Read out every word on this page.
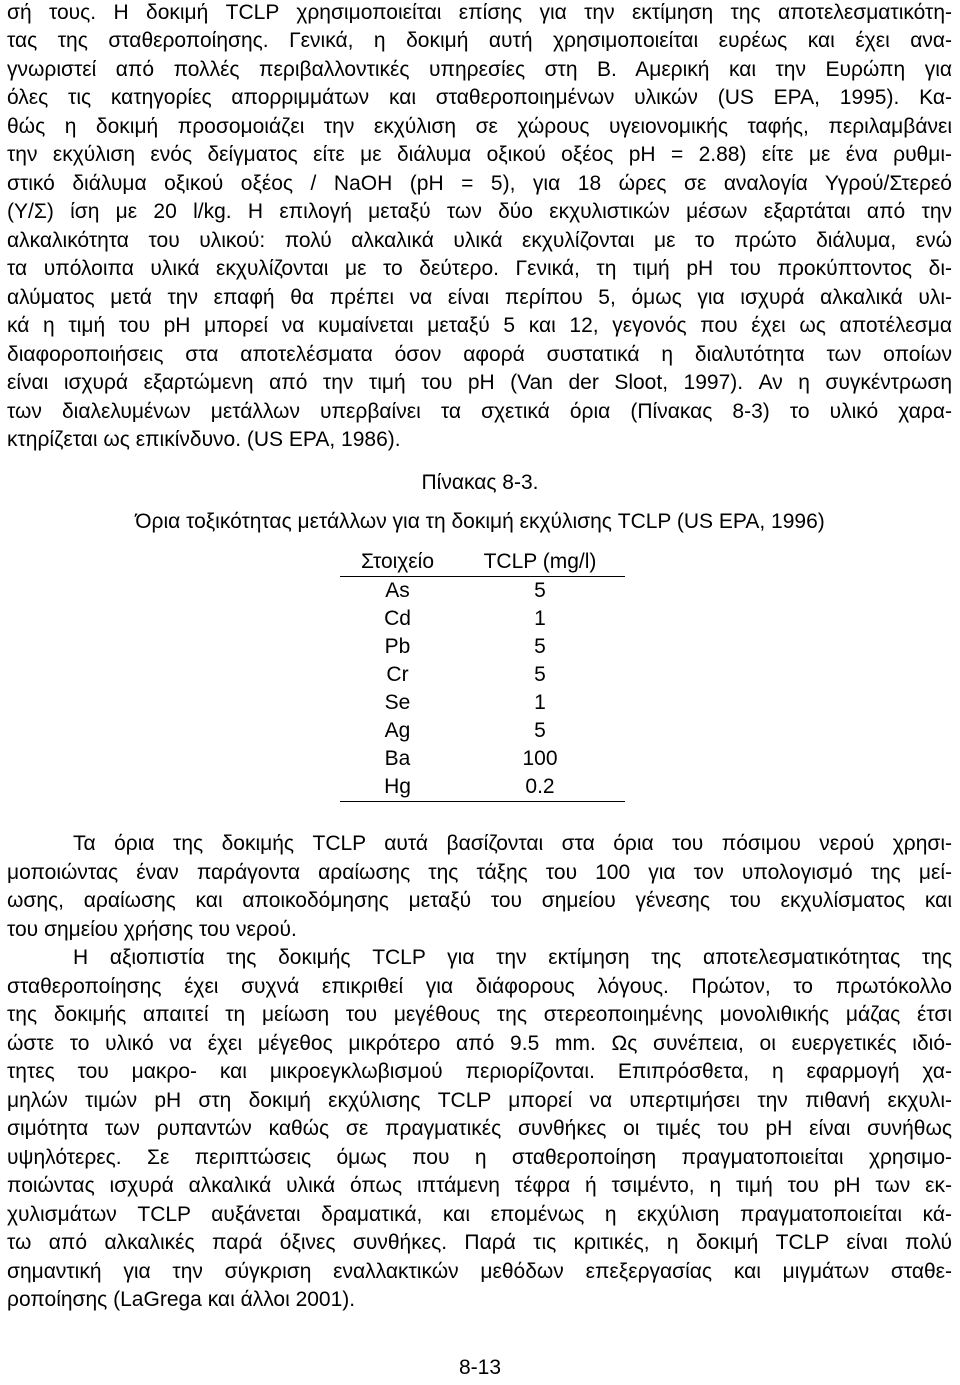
σή τους. Η δοκιμή TCLP χρησιμοποιείται επίσης για την εκτίμηση της αποτελεσματικότη-
τας της σταθεροποίησης. Γενικά, η δοκιμή αυτή χρησιμοποιείται ευρέως και έχει ανα-
γνωριστεί από πολλές περιβαλλοντικές υπηρεσίες στη Β. Αμερική και την Ευρώπη για
όλες τις κατηγορίες απορριμμάτων και σταθεροποιημένων υλικών (US EPA, 1995). Κα-
θώς η δοκιμή προσομοιάζει την εκχύλιση σε χώρους υγειονομικής ταφής, περιλαμβάνει
την εκχύλιση ενός δείγματος είτε με διάλυμα οξικού οξέος pH = 2.88) είτε με ένα ρυθμι-
στικό διάλυμα οξικού οξέος / NaOH (pH = 5), για 18 ώρες σε αναλογία Υγρού/Στερεό
(Υ/Σ) ίση με 20 l/kg. Η επιλογή μεταξύ των δύο εκχυλιστικών μέσων εξαρτάται από την
αλκαλικότητα του υλικού: πολύ αλκαλικά υλικά εκχυλίζονται με το πρώτο διάλυμα, ενώ
τα υπόλοιπα υλικά εκχυλίζονται με το δεύτερο. Γενικά, τη τιμή pH του προκύπτοντος δι-
αλύματος μετά την επαφή θα πρέπει να είναι περίπου 5, όμως για ισχυρά αλκαλικά υλι-
κά η τιμή του pH μπορεί να κυμαίνεται μεταξύ 5 και 12, γεγονός που έχει ως αποτέλεσμα
διαφοροποιήσεις στα αποτελέσματα όσον αφορά συστατικά η διαλυτότητα των οποίων
είναι ισχυρά εξαρτώμενη από την τιμή του pH (Van der Sloot, 1997). Αν η συγκέντρωση
των διαλελυμένων μετάλλων υπερβαίνει τα σχετικά όρια (Πίνακας 8-3) το υλικό χαρα-
κτηρίζεται ως επικίνδυνο. (US EPA, 1986).
Πίνακας 8-3.
Όρια τοξικότητας μετάλλων για τη δοκιμή εκχύλισης TCLP (US EPA, 1996)
Στοιχείο	TCLP (mg/l)
As	5
Cd	1
Pb	5
Cr	5
Se	1
Ag	5
Ba	100
Hg	0.2
Τα όρια της δοκιμής TCLP αυτά βασίζονται στα όρια του πόσιμου νερού χρησι-
μοποιώντας έναν παράγοντα αραίωσης της τάξης του 100 για τον υπολογισμό της μεί-
ωσης, αραίωσης και αποικοδόμησης μεταξύ του σημείου γένεσης του εκχυλίσματος και
του σημείου χρήσης του νερού.
Η αξιοπιστία της δοκιμής TCLP για την εκτίμηση της αποτελεσματικότητας της
σταθεροποίησης έχει συχνά επικριθεί για διάφορους λόγους. Πρώτον, το πρωτόκολλο
της δοκιμής απαιτεί τη μείωση του μεγέθους της στερεοποιημένης μονολιθικής μάζας έτσι
ώστε το υλικό να έχει μέγεθος μικρότερο από 9.5 mm. Ως συνέπεια, οι ευεργετικές ιδιό-
τητες του μακρο- και μικροεγκλωβισμού περιορίζονται. Επιπρόσθετα, η εφαρμογή χα-
μηλών τιμών pH στη δοκιμή εκχύλισης TCLP μπορεί να υπερτιμήσει την πιθανή εκχυλι-
σιμότητα των ρυπαντών καθώς σε πραγματικές συνθήκες οι τιμές του pH είναι συνήθως
υψηλότερες. Σε περιπτώσεις όμως που η σταθεροποίηση πραγματοποιείται χρησιμο-
ποιώντας ισχυρά αλκαλικά υλικά όπως ιπτάμενη τέφρα ή τσιμέντο, η τιμή του pH των εκ-
χυλισμάτων TCLP αυξάνεται δραματικά, και επομένως η εκχύλιση πραγματοποιείται κά-
τω από αλκαλικές παρά όξινες συνθήκες. Παρά τις κριτικές, η δοκιμή TCLP είναι πολύ
σημαντική για την σύγκριση εναλλακτικών μεθόδων επεξεργασίας και μιγμάτων σταθε-
ροποίησης (LaGrega και άλλοι 2001).
8-13
